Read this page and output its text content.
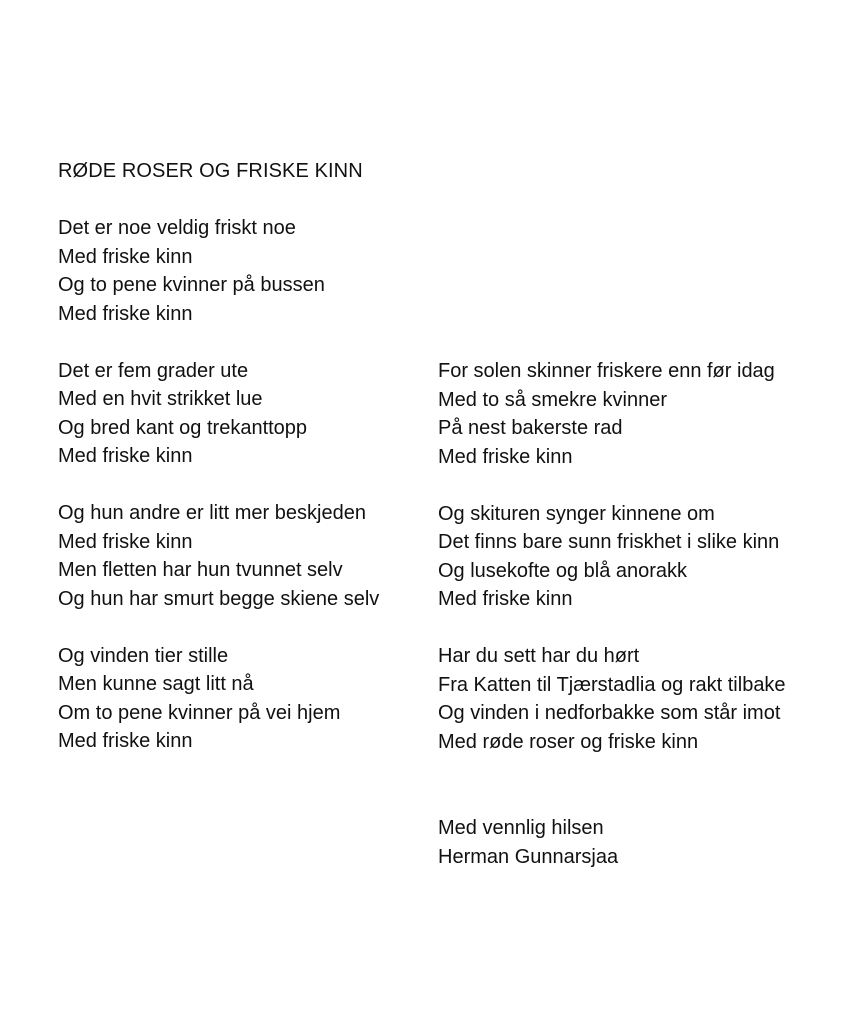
RØDE ROSER OG FRISKE KINN
Det er noe veldig friskt noe
Med friske kinn
Og to pene kvinner på bussen
Med friske kinn
Det er fem grader ute
Med en hvit strikket lue
Og bred kant og trekanttopp
Med friske kinn
Og hun andre er litt mer beskjeden
Med friske kinn
Men fletten har hun tvunnet selv
Og hun har smurt begge skiene selv
Og vinden tier stille
Men kunne sagt litt nå
Om to pene kvinner på vei hjem
Med friske kinn
For solen skinner friskere enn før idag
Med to så smekre kvinner
På nest bakerste rad
Med friske kinn
Og skituren synger kinnene om
Det finns bare sunn friskhet i slike kinn
Og lusekofte og blå anorakk
Med friske kinn
Har du sett har du hørt
Fra Katten til Tjærstadlia og rakt tilbake
Og vinden i nedforbakke som står imot
Med røde roser og friske kinn
Med vennlig hilsen
Herman Gunnarsjaa
